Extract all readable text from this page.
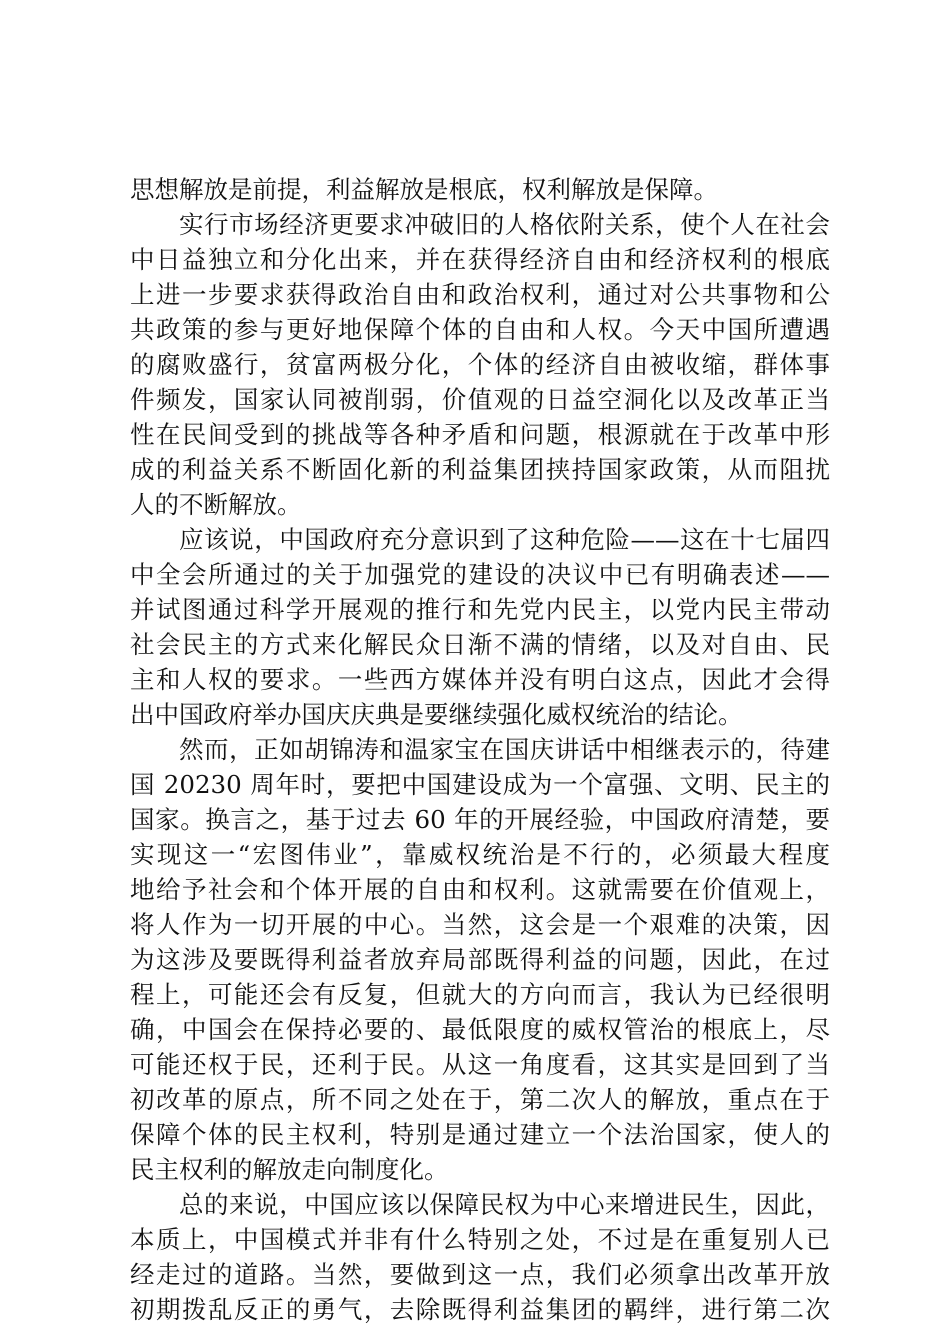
思想解放是前提，利益解放是根底，权利解放是保障。
实行市场经济更要求冲破旧的人格依附关系，使个人在社会
中日益独立和分化出来，并在获得经济自由和经济权利的根底
上进一步要求获得政治自由和政治权利，通过对公共事物和公
共政策的参与更好地保障个体的自由和人权。今天中国所遭遇
的腐败盛行，贫富两极分化，个体的经济自由被收缩，群体事
件频发，国家认同被削弱，价值观的日益空洞化以及改革正当
性在民间受到的挑战等各种矛盾和问题，根源就在于改革中形
成的利益关系不断固化新的利益集团挟持国家政策，从而阻扰
人的不断解放。
应该说，中国政府充分意识到了这种危险——这在十七届四
中全会所通过的关于加强党的建设的决议中已有明确表述——
并试图通过科学开展观的推行和先党内民主，以党内民主带动
社会民主的方式来化解民众日渐不满的情绪，以及对自由、民
主和人权的要求。一些西方媒体并没有明白这点，因此才会得
出中国政府举办国庆庆典是要继续强化威权统治的结论。
然而，正如胡锦涛和温家宝在国庆讲话中相继表示的，待建
国 20230 周年时，要把中国建设成为一个富强、文明、民主的
国家。换言之，基于过去 60 年的开展经验，中国政府清楚，要
实现这一“宏图伟业”，靠威权统治是不行的，必须最大程度
地给予社会和个体开展的自由和权利。这就需要在价值观上，
将人作为一切开展的中心。当然，这会是一个艰难的决策，因
为这涉及要既得利益者放弃局部既得利益的问题，因此，在过
程上，可能还会有反复，但就大的方向而言，我认为已经很明
确，中国会在保持必要的、最低限度的威权管治的根底上，尽
可能还权于民，还利于民。从这一角度看，这其实是回到了当
初改革的原点，所不同之处在于，第二次人的解放，重点在于
保障个体的民主权利，特别是通过建立一个法治国家，使人的
民主权利的解放走向制度化。
总的来说，中国应该以保障民权为中心来增进民生，因此，
本质上，中国模式并非有什么特别之处，不过是在重复别人已
经走过的道路。当然，要做到这一点，我们必须拿出改革开放
初期拨乱反正的勇气，去除既得利益集团的羁绊，进行第二次
